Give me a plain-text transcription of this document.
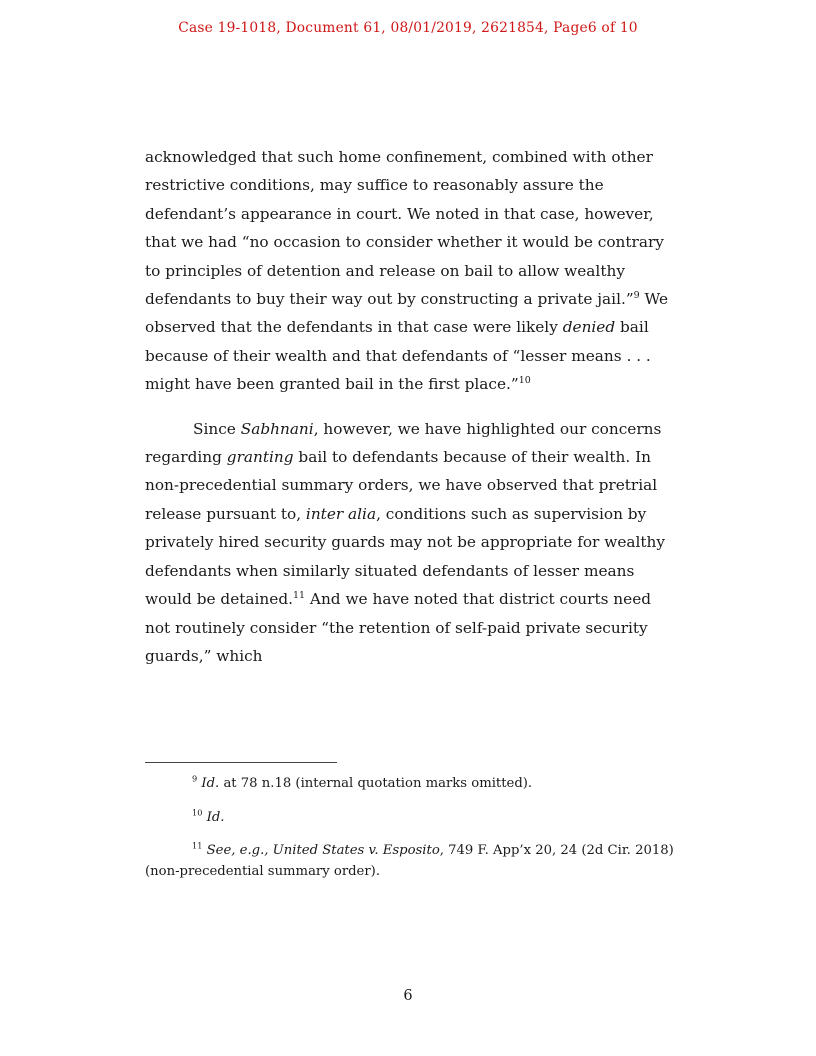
Case 19-1018, Document 61, 08/01/2019, 2621854, Page6 of 10

acknowledged that such home confinement, combined with other restrictive conditions, may suffice to reasonably assure the defendant’s appearance in court. We noted in that case, however, that we had “no occasion to consider whether it would be contrary to principles of detention and release on bail to allow wealthy defendants to buy their way out by constructing a private jail.”$^9$ We observed that the defendants in that case were likely denied bail because of their wealth and that defendants of “lesser means . . . might have been granted bail in the first place.”$^{10}$

Since Sabhnani, however, we have highlighted our concerns regarding granting bail to defendants because of their wealth. In non-precedential summary orders, we have observed that pretrial release pursuant to, inter alia, conditions such as supervision by privately hired security guards may not be appropriate for wealthy defendants when similarly situated defendants of lesser means would be detained.$^{11}$ And we have noted that district courts need not routinely consider “the retention of self-paid private security guards,” which

$^9$ Id. at 78 n.18 (internal quotation marks omitted).

$^{10}$ Id.

$^{11}$ See, e.g., United States v. Esposito, 749 F. App’x 20, 24 (2d Cir. 2018) (non-precedential summary order).

6
